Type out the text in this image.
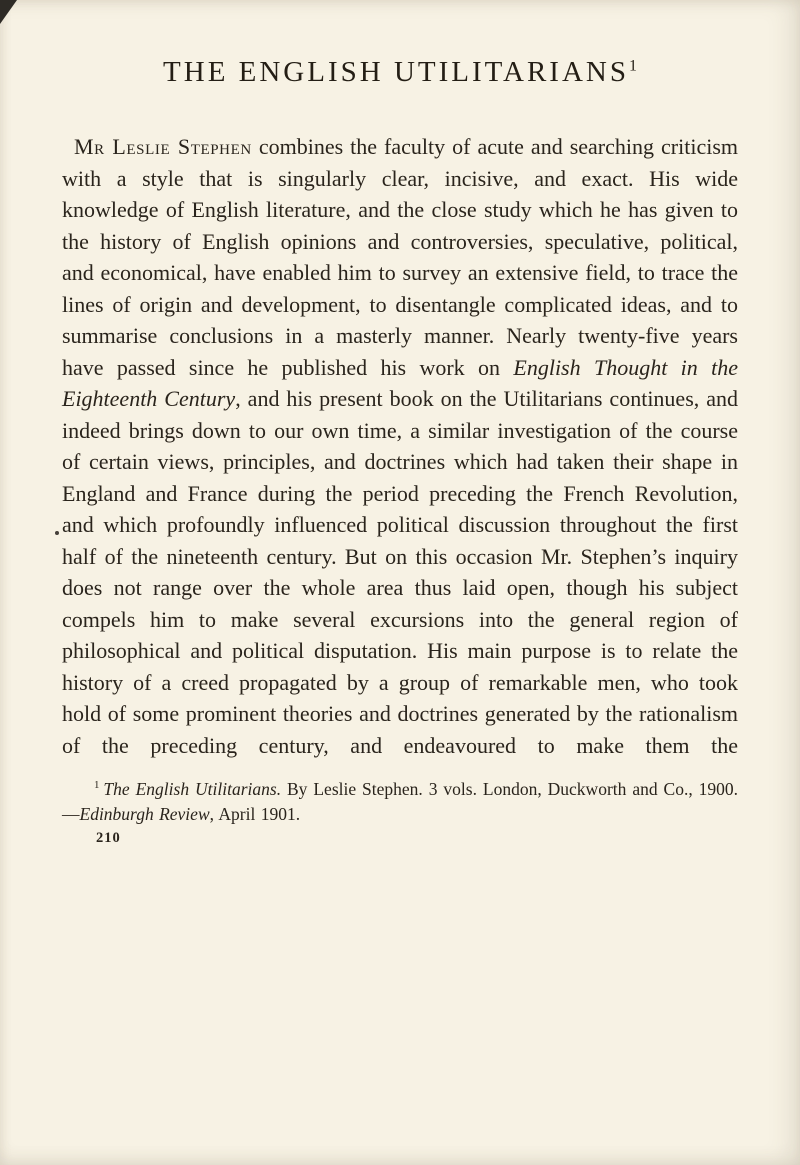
THE ENGLISH UTILITARIANS$^1$

Mr Leslie Stephen combines the faculty of acute and searching criticism with a style that is singularly clear, incisive, and exact. His wide knowledge of English literature, and the close study which he has given to the history of English opinions and controversies, speculative, political, and economical, have enabled him to survey an extensive field, to trace the lines of origin and development, to disentangle complicated ideas, and to summarise conclusions in a masterly manner. Nearly twenty-five years have passed since he published his work on English Thought in the Eighteenth Century, and his present book on the Utilitarians continues, and indeed brings down to our own time, a similar investigation of the course of certain views, principles, and doctrines which had taken their shape in England and France during the period preceding the French Revolution, and which profoundly influenced political discussion throughout the first half of the nineteenth century. But on this occasion Mr. Stephen’s inquiry does not range over the whole area thus laid open, though his subject compels him to make several excursions into the general region of philosophical and political disputation. His main purpose is to relate the history of a creed propagated by a group of remarkable men, who took hold of some prominent theories and doctrines generated by the rationalism of the preceding century, and endeavoured to make them the

$^1$ The English Utilitarians. By Leslie Stephen. 3 vols. London, Duckworth and Co., 1900.—Edinburgh Review, April 1901.
210
